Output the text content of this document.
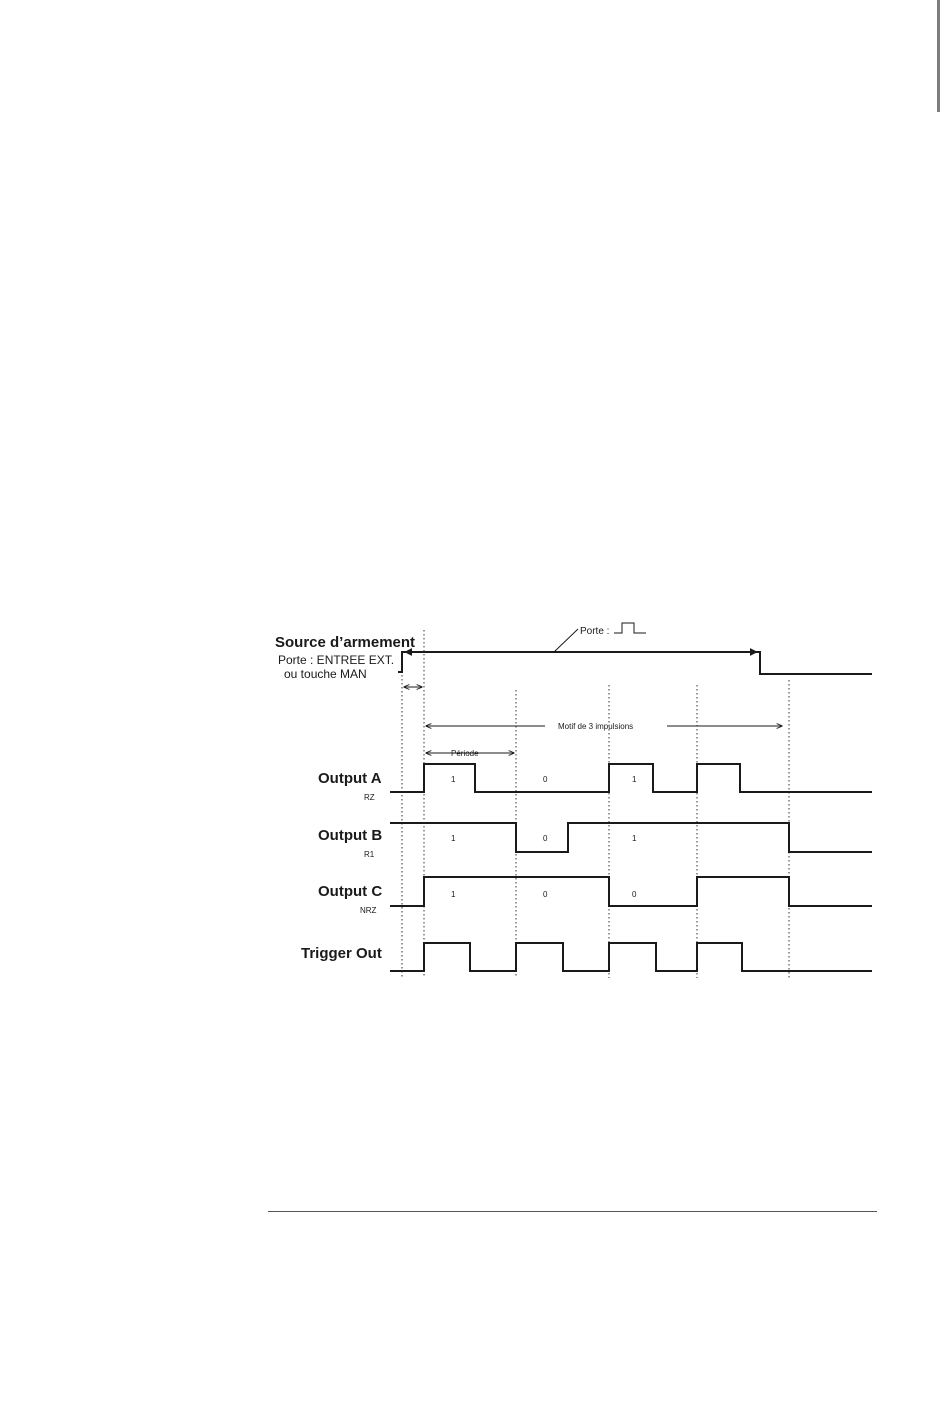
Source d’armement
Porte : ENTREE EXT.
ou touche MAN
Porte :
Motif de 3 impulsions
Période
Output A
RZ
1	0	1
Output B
R1
1	0	1
Output C
NRZ
1	0	0
Trigger Out
